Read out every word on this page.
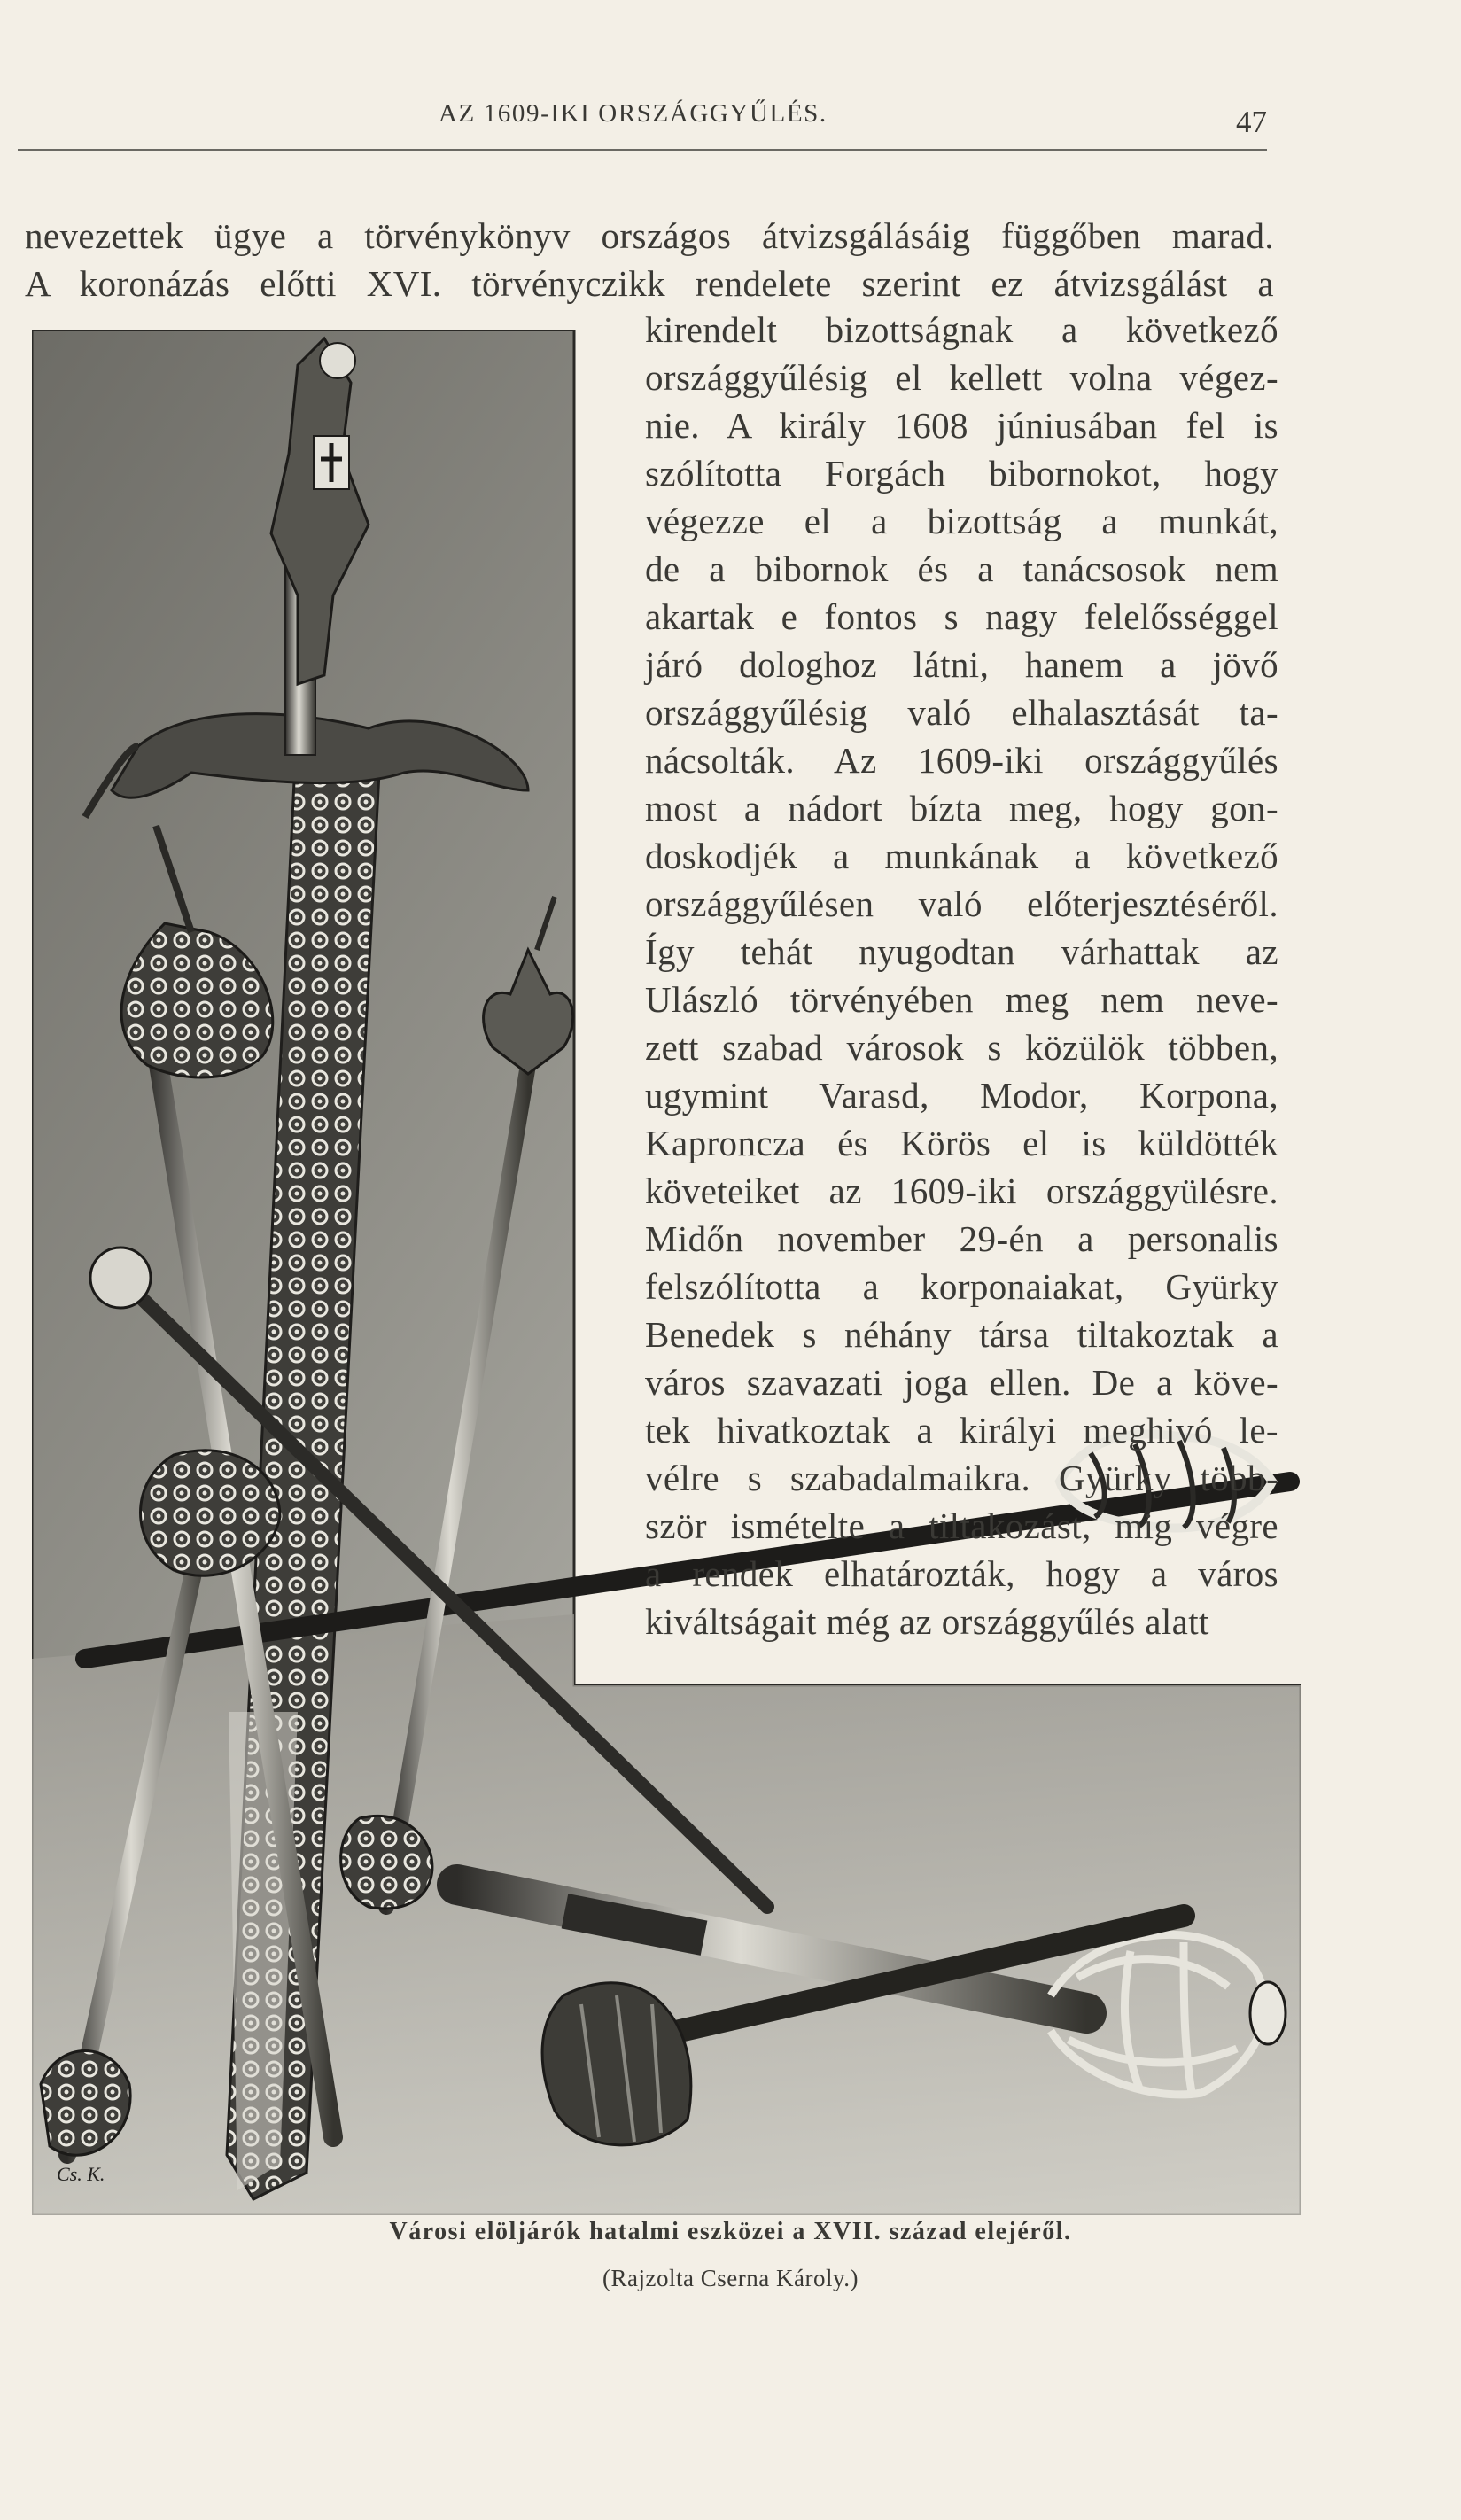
AZ 1609-IKI ORSZÁGGYŰLÉS.	47
nevezettek ügye a törvénykönyv országos átvizsgálásáig függőben marad.
A koronázás előtti XVI. törvényczikk rendelete szerint ez átvizsgálást a
Cs. K.
kirendelt bizottságnak a következő
országgyűlésig el kellett volna végez-
nie. A király 1608 júniusában fel is
szólította Forgách bibornokot, hogy
végezze el a bizottság a munkát,
de a bibornok és a tanácsosok nem
akartak e fontos s nagy felelősséggel
járó dologhoz látni, hanem a jövő
országgyűlésig való elhalasztását ta-
nácsolták. Az 1609-iki országgyűlés
most a nádort bízta meg, hogy gon-
doskodjék a munkának a következő
országgyűlésen való előterjesztéséről.
Így tehát nyugodtan várhattak az
Ulászló törvényében meg nem neve-
zett szabad városok s közülök többen,
ugymint Varasd, Modor, Korpona,
Kaproncza és Körös el is küldötték
követeiket az 1609-iki országgyülésre.
Midőn november 29-én a personalis
felszólította a korponaiakat, Gyürky
Benedek s néhány társa tiltakoztak a
város szavazati joga ellen. De a köve-
tek hivatkoztak a királyi meghivó le-
vélre s szabadalmaikra. Gyürky több-
ször ismételte a tiltakozást, mig végre
a rendek elhatározták, hogy a város
kiváltságait még az országgyűlés alatt
Városi elöljárók hatalmi eszközei a XVII. század elejéről.
(Rajzolta Cserna Károly.)
